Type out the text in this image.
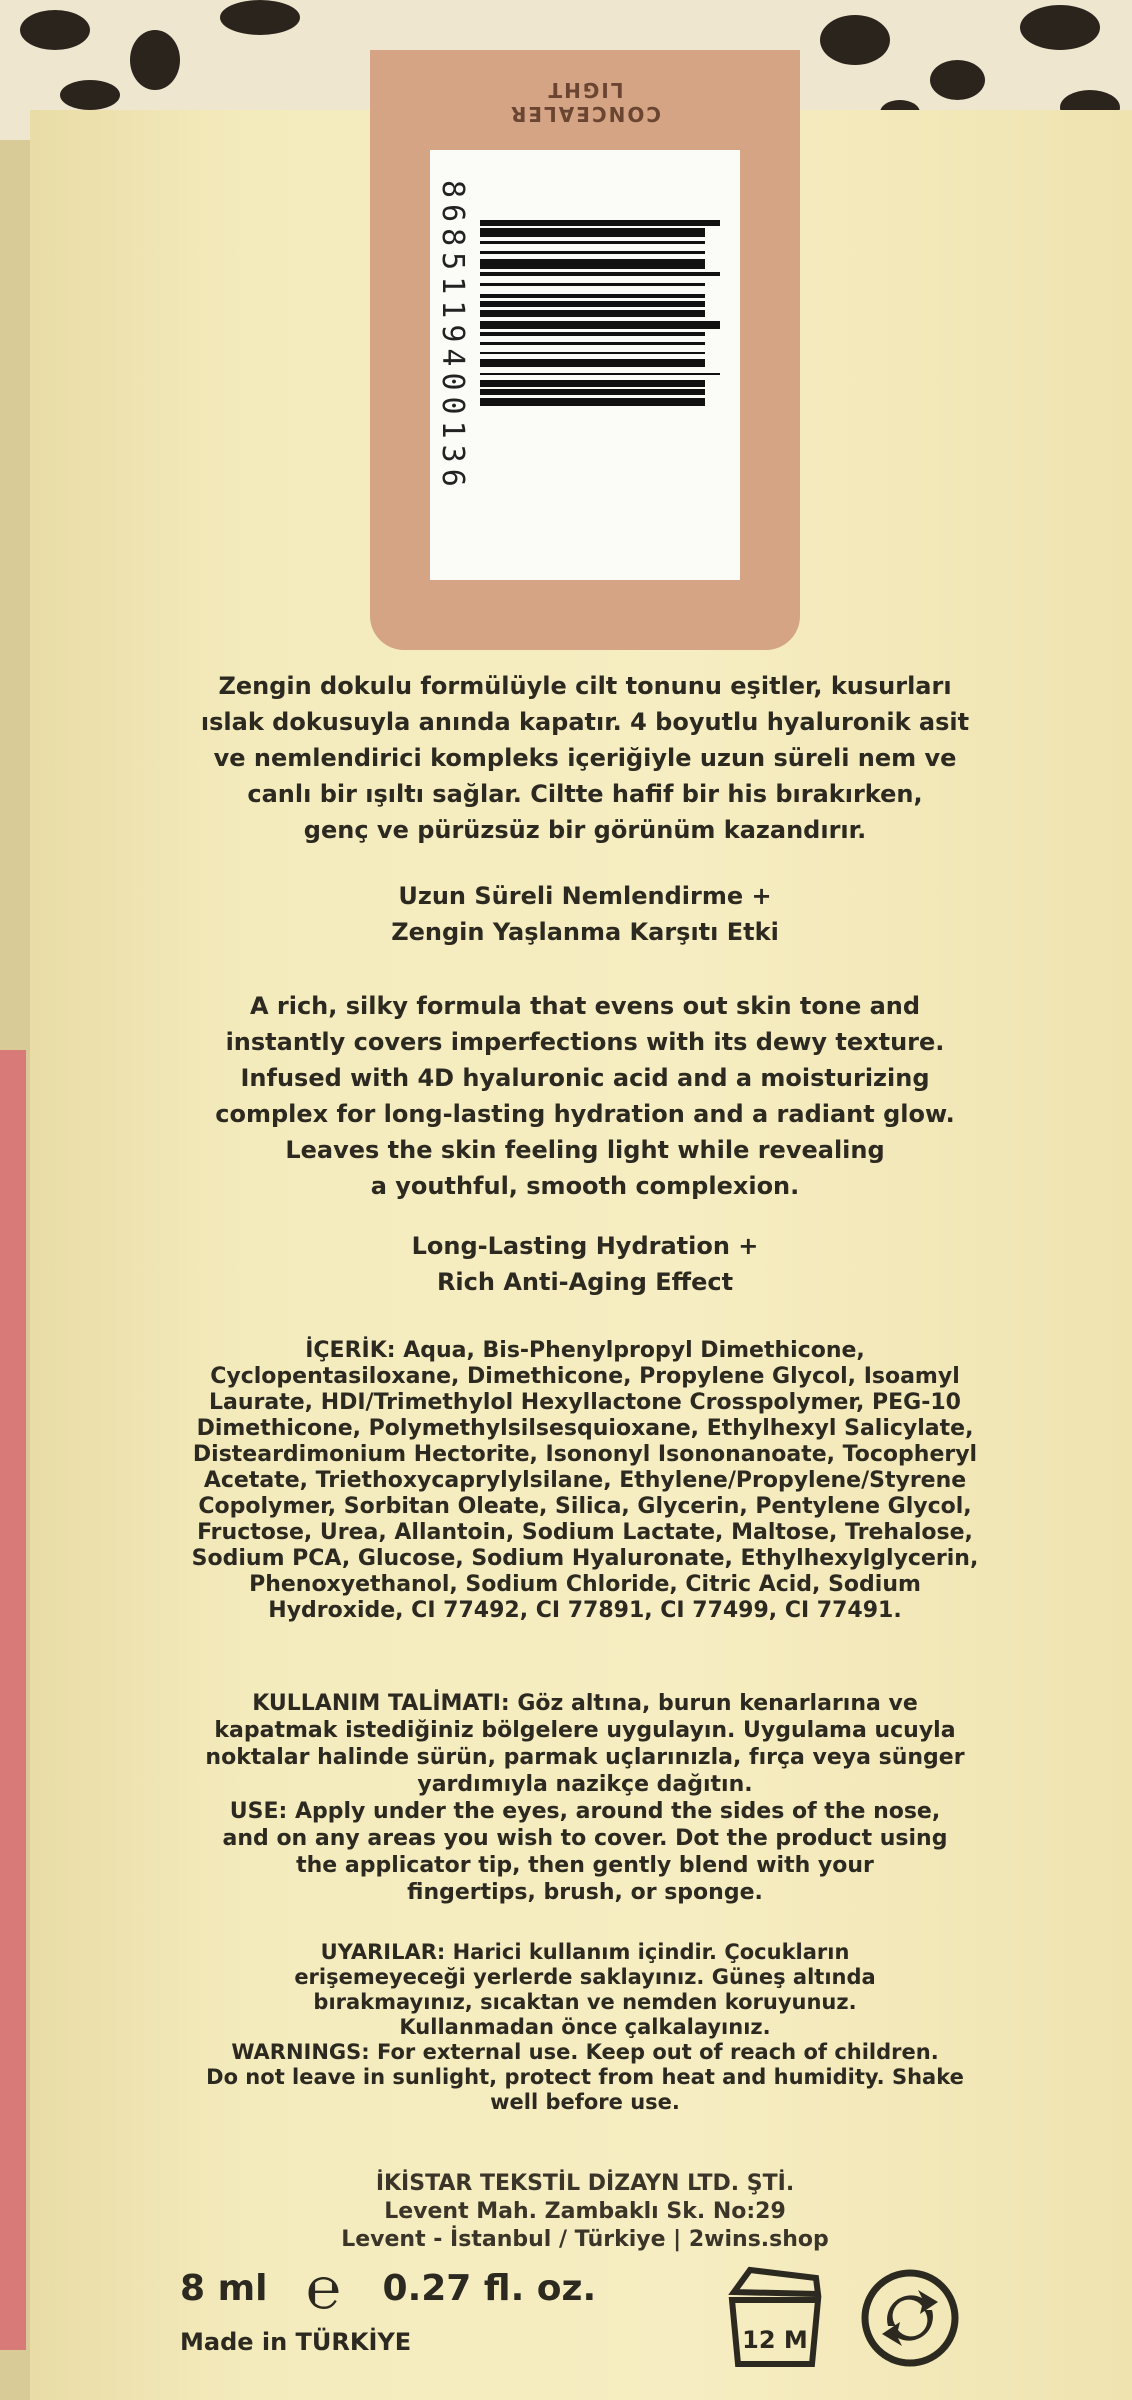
CONCEALER
LIGHT
8685119400136
Zengin dokulu formülüyle cilt tonunu eşitler, kusurları
ıslak dokusuyla anında kapatır. 4 boyutlu hyaluronik asit
ve nemlendirici kompleks içeriğiyle uzun süreli nem ve
canlı bir ışıltı sağlar. Ciltte hafif bir his bırakırken,
genç ve pürüzsüz bir görünüm kazandırır.
Uzun Süreli Nemlendirme +
Zengin Yaşlanma Karşıtı Etki
A rich, silky formula that evens out skin tone and
instantly covers imperfections with its dewy texture.
Infused with 4D hyaluronic acid and a moisturizing
complex for long-lasting hydration and a radiant glow.
Leaves the skin feeling light while revealing
a youthful, smooth complexion.
Long-Lasting Hydration +
Rich Anti-Aging Effect
İÇERİK: Aqua, Bis-Phenylpropyl Dimethicone,
Cyclopentasiloxane, Dimethicone, Propylene Glycol, Isoamyl
Laurate, HDI/Trimethylol Hexyllactone Crosspolymer, PEG-10
Dimethicone, Polymethylsilsesquioxane, Ethylhexyl Salicylate,
Disteardimonium Hectorite, Isononyl Isononanoate, Tocopheryl
Acetate, Triethoxycaprylylsilane, Ethylene/Propylene/Styrene
Copolymer, Sorbitan Oleate, Silica, Glycerin, Pentylene Glycol,
Fructose, Urea, Allantoin, Sodium Lactate, Maltose, Trehalose,
Sodium PCA, Glucose, Sodium Hyaluronate, Ethylhexylglycerin,
Phenoxyethanol, Sodium Chloride, Citric Acid, Sodium
Hydroxide, CI 77492, CI 77891, CI 77499, CI 77491.
KULLANIM TALİMATI: Göz altına, burun kenarlarına ve
kapatmak istediğiniz bölgelere uygulayın. Uygulama ucuyla
noktalar halinde sürün, parmak uçlarınızla, fırça veya sünger
yardımıyla nazikçe dağıtın.
USE: Apply under the eyes, around the sides of the nose,
and on any areas you wish to cover. Dot the product using
the applicator tip, then gently blend with your
fingertips, brush, or sponge.
UYARILAR: Harici kullanım içindir. Çocukların
erişemeyeceği yerlerde saklayınız. Güneş altında
bırakmayınız, sıcaktan ve nemden koruyunuz.
Kullanmadan önce çalkalayınız.
WARNINGS: For external use. Keep out of reach of children.
Do not leave in sunlight, protect from heat and humidity. Shake
well before use.
İKİSTAR TEKSTİL DİZAYN LTD. ŞTİ.
Levent Mah. Zambaklı Sk. No:29
Levent - İstanbul / Türkiye | 2wins.shop
8 ml	0.27 fl. oz.
℮
Made in TÜRKİYE	12 M
